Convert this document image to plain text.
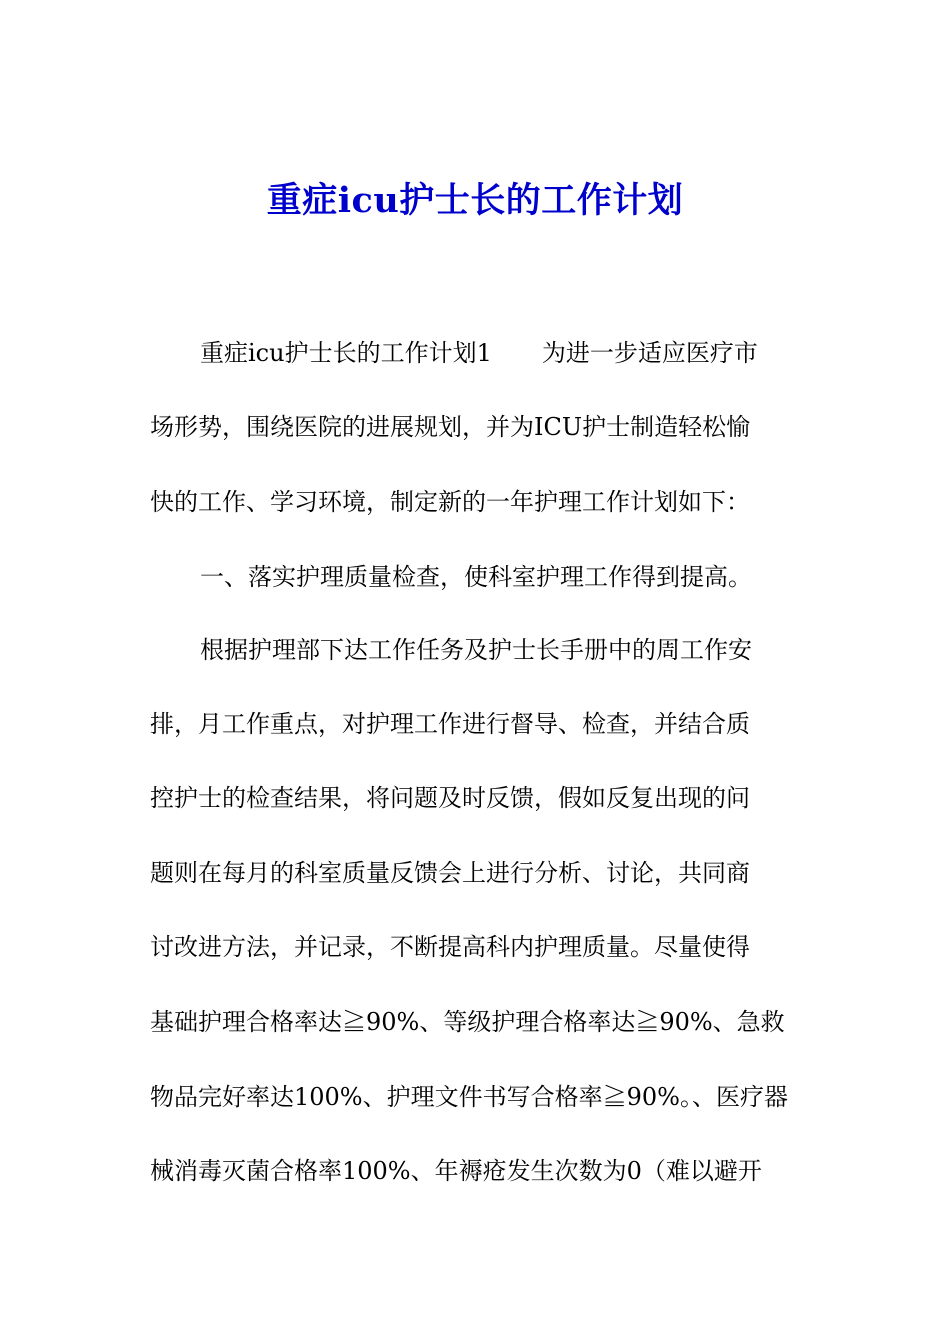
重症icu护士长的工作计划
重症icu护士长的工作计划1 为进一步适应医疗市
场形势，围绕医院的进展规划，并为ICU护士制造轻松愉
快的工作、学习环境，制定新的一年护理工作计划如下：
一、落实护理质量检查，使科室护理工作得到提高。
根据护理部下达工作任务及护士长手册中的周工作安
排，月工作重点，对护理工作进行督导、检查，并结合质
控护士的检查结果，将问题及时反馈，假如反复出现的问
题则在每月的科室质量反馈会上进行分析、讨论，共同商
讨改进方法，并记录，不断提高科内护理质量。尽量使得
基础护理合格率达≧90%、等级护理合格率达≧90%、急救
物品完好率达100%、护理文件书写合格率≧90%。、医疗器
械消毒灭菌合格率100%、年褥疮发生次数为0（难以避开
